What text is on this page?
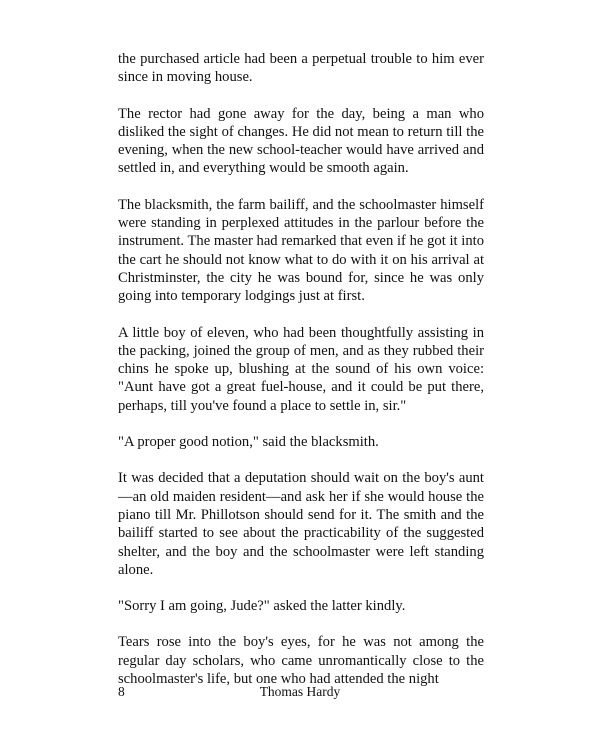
the purchased article had been a perpetual trouble to him ever since in moving house.

The rector had gone away for the day, being a man who disliked the sight of changes. He did not mean to return till the evening, when the new school-teacher would have arrived and settled in, and everything would be smooth again.

The blacksmith, the farm bailiff, and the schoolmaster himself were standing in perplexed attitudes in the parlour before the instrument. The master had remarked that even if he got it into the cart he should not know what to do with it on his arrival at Christminster, the city he was bound for, since he was only going into temporary lodgings just at first.

A little boy of eleven, who had been thoughtfully assisting in the packing, joined the group of men, and as they rubbed their chins he spoke up, blushing at the sound of his own voice: "Aunt have got a great fuel-house, and it could be put there, perhaps, till you've found a place to settle in, sir."

"A proper good notion," said the blacksmith.

It was decided that a deputation should wait on the boy's aunt—an old maiden resident—and ask her if she would house the piano till Mr. Phillotson should send for it. The smith and the bailiff started to see about the practicability of the suggested shelter, and the boy and the schoolmaster were left standing alone.

"Sorry I am going, Jude?" asked the latter kindly.

Tears rose into the boy's eyes, for he was not among the regular day scholars, who came unromantically close to the schoolmaster's life, but one who had attended the night

8	Thomas Hardy
